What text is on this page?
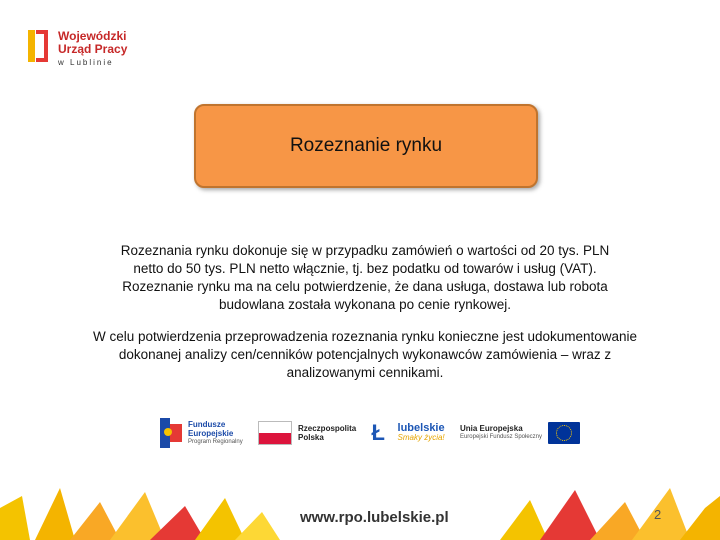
Wojewódzki
Urząd Pracy
w Lublinie
Rozeznanie rynku
Rozeznania rynku dokonuje się w przypadku zamówień o wartości od 20 tys. PLN
netto do 50 tys. PLN netto włącznie, tj. bez podatku od towarów i usług (VAT).
Rozeznanie rynku ma na celu potwierdzenie, że dana usługa, dostawa lub robota
budowlana została wykonana po cenie rynkowej.
W celu potwierdzenia przeprowadzenia rozeznania rynku konieczne jest udokumentowanie
dokonanej analizy cen/cenników potencjalnych wykonawców zamówienia – wraz z
analizowanymi cennikami.
Fundusze
Europejskie
Program Regionalny
Rzeczpospolita
Polska	Ł	lubelskie
Smaky życia!
Unia Europejska
Europejski Fundusz Społeczny
www.rpo.lubelskie.pl	2
